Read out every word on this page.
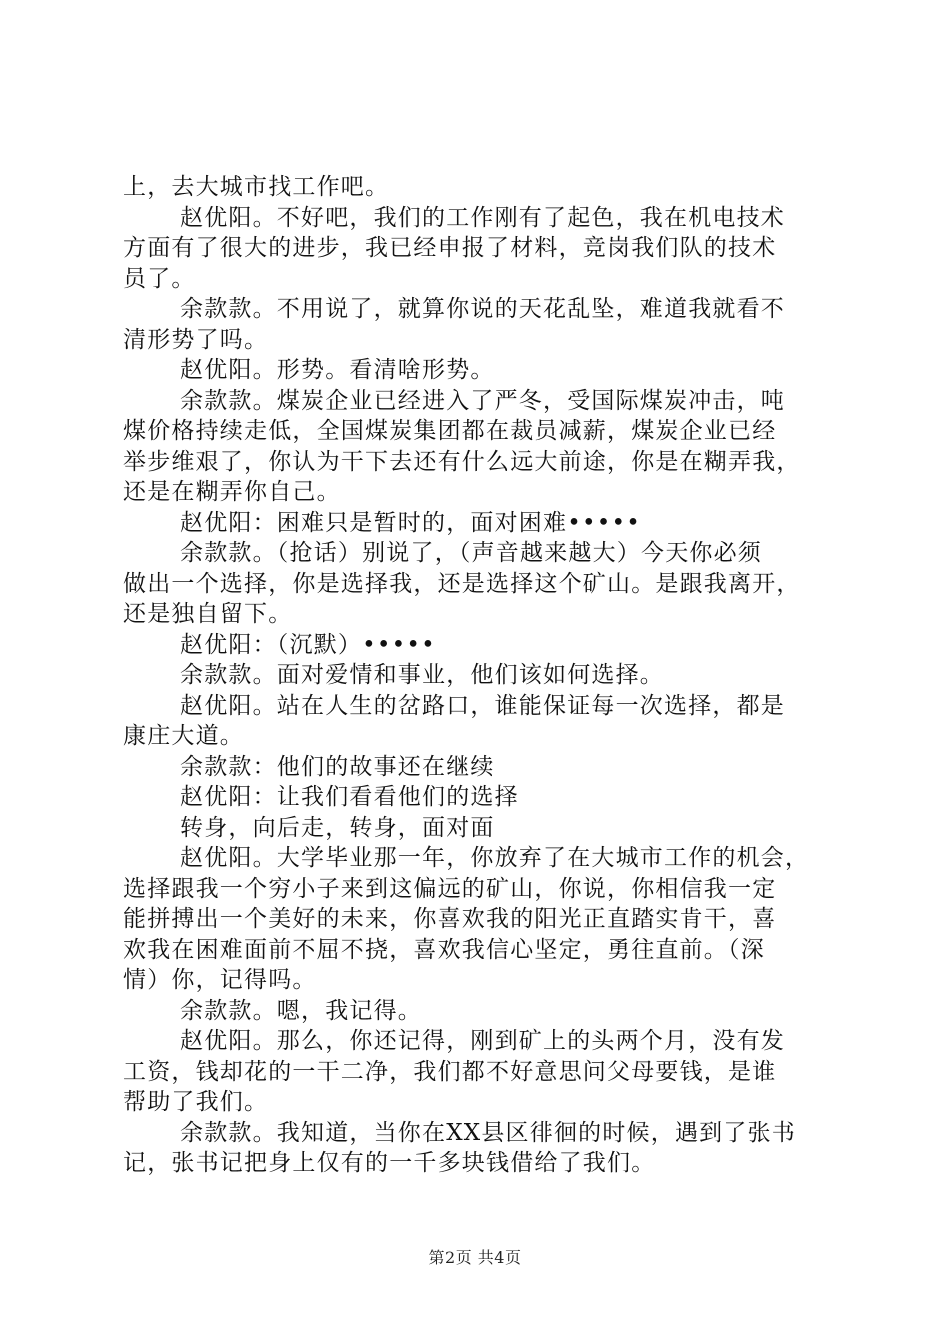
上，去大城市找工作吧。
赵优阳。不好吧，我们的工作刚有了起色，我在机电技术
方面有了很大的进步，我已经申报了材料，竞岗我们队的技术
员了。
余款款。不用说了，就算你说的天花乱坠，难道我就看不
清形势了吗。
赵优阳。形势。看清啥形势。
余款款。煤炭企业已经进入了严冬，受国际煤炭冲击，吨
煤价格持续走低，全国煤炭集团都在裁员减薪，煤炭企业已经
举步维艰了，你认为干下去还有什么远大前途，你是在糊弄我，
还是在糊弄你自己。
赵优阳：困难只是暂时的，面对困难•••••
余款款。（抢话）别说了，（声音越来越大）今天你必须
做出一个选择，你是选择我，还是选择这个矿山。是跟我离开，
还是独自留下。
赵优阳：（沉默）•••••
余款款。面对爱情和事业，他们该如何选择。
赵优阳。站在人生的岔路口，谁能保证每一次选择，都是
康庄大道。
余款款：他们的故事还在继续
赵优阳：让我们看看他们的选择
转身，向后走，转身，面对面
赵优阳。大学毕业那一年，你放弃了在大城市工作的机会，
选择跟我一个穷小子来到这偏远的矿山，你说，你相信我一定
能拼搏出一个美好的未来，你喜欢我的阳光正直踏实肯干，喜
欢我在困难面前不屈不挠，喜欢我信心坚定，勇往直前。（深
情）你，记得吗。
余款款。嗯，我记得。
赵优阳。那么，你还记得，刚到矿上的头两个月，没有发
工资，钱却花的一干二净，我们都不好意思问父母要钱，是谁
帮助了我们。
余款款。我知道，当你在XX县区徘徊的时候，遇到了张书
记，张书记把身上仅有的一千多块钱借给了我们。
第2页 共4页
